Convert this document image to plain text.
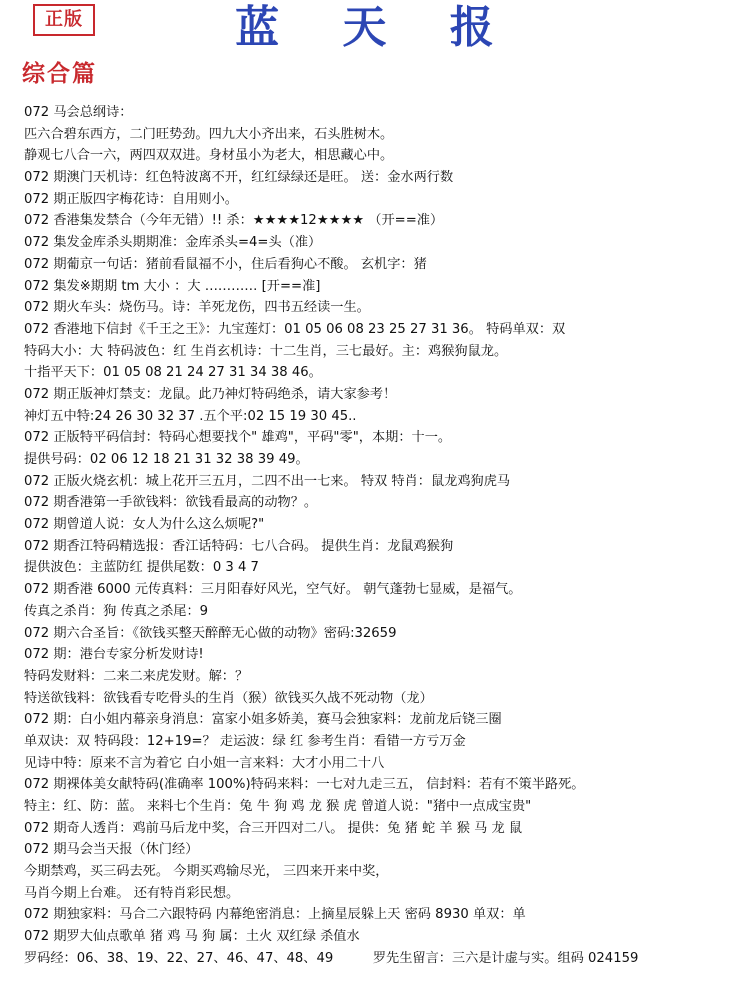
正版	蓝 天 报
综合篇
072 马会总纲诗：
匹六合碧东西方，二门旺势劲。四九大小齐出来，石头胜树木。
静观七八合一六，两四双双进。身材虽小为老大，相思藏心中。
072 期澳门天机诗：红色特波离不开，红红绿绿还是旺。 送：金水两行数
072 期正版四字梅花诗：自用则小。
072 香港集发禁合（今年无错）!! 杀：★★★★12★★★★ （开==准）
072 集发金库杀头期期准：金库杀头=4=头（准）
072 期葡京一句话：猪前看鼠福不小，住后看狗心不酸。 玄机字：猪
072 集发※期期 tm 大小 ：大 ………… [开==准]
072 期火车头：烧伤马。诗：羊死龙伤，四书五经读一生。
072 香港地下信封《千王之王》：九宝莲灯：01 05 06 08 23 25 27 31 36。 特码单双：双
特码大小：大 特码波色：红 生肖玄机诗：十二生肖，三七最好。主：鸡猴狗鼠龙。
十指平天下：01 05 08 21 24 27 31 34 38 46。
072 期正版神灯禁支：龙鼠。此乃神灯特码绝杀，请大家参考！
神灯五中特:24 26 30 32 37 .五个平:02 15 19 30 45..
072 正版特平码信封：特码心想要找个" 雄鸡"，平码"零"，本期：十一。
提供号码：02 06 12 18 21 31 32 38 39 49。
072 正版火烧玄机：城上花开三五月，二四不出一七来。 特双 特肖：鼠龙鸡狗虎马
072 期香港第一手欲钱料：欲钱看最高的动物？。
072 期曾道人说：女人为什么这么烦呢?"
072 期香江特码精选报：香江话特码：七八合码。 提供生肖：龙鼠鸡猴狗
提供波色：主蓝防红 提供尾数：0 3 4 7
072 期香港 6000 元传真料：三月阳春好风光，空气好。 朝气蓬勃七显威，是福气。
传真之杀肖：狗 传真之杀尾：9
072 期六合圣旨：《欲钱买整天醉醉无心做的动物》密码:32659
072 期：港台专家分析发财诗!
特码发财料：二来二来虎发财。解：？
特送欲钱料：欲钱看专吃骨头的生肖（猴）欲钱买久战不死动物（龙）
072 期：白小姐内幕亲身消息：富家小姐多娇美，赛马会独家料：龙前龙后铙三圈
单双诀：双 特码段：12+19=？ 走运波：绿 红 参考生肖：看错一方亏万金
见诗中特：原来不言为着它 白小姐一言来料：大才小用二十八
072 期裸体美女献特码(准确率 100%)特码来料：一七对九走三五， 信封料：若有不策半路死。
特主：红、防：蓝。 来料七个生肖：兔 牛 狗 鸡 龙 猴 虎 曾道人说："猪中一点成宝贵"
072 期奇人透肖：鸡前马后龙中奖，合三开四对二八。 提供：兔 猪 蛇 羊 猴 马 龙 鼠
072 期马会当天报（休门经）
今期禁鸡，买三码去死。 今期买鸡输尽光， 三四来开来中奖，
马肖今期上台难。 还有特肖彩民想。
072 期独家料：马合二六跟特码 内幕绝密消息：上摘星辰躲上天 密码 8930 单双：单
072 期罗大仙点歌单 猪 鸡 马 狗 属：土火 双红绿 杀值水
罗码经：06、38、19、22、27、46、47、48、49　　　罗先生留言：三六是计虚与实。组码 024159
